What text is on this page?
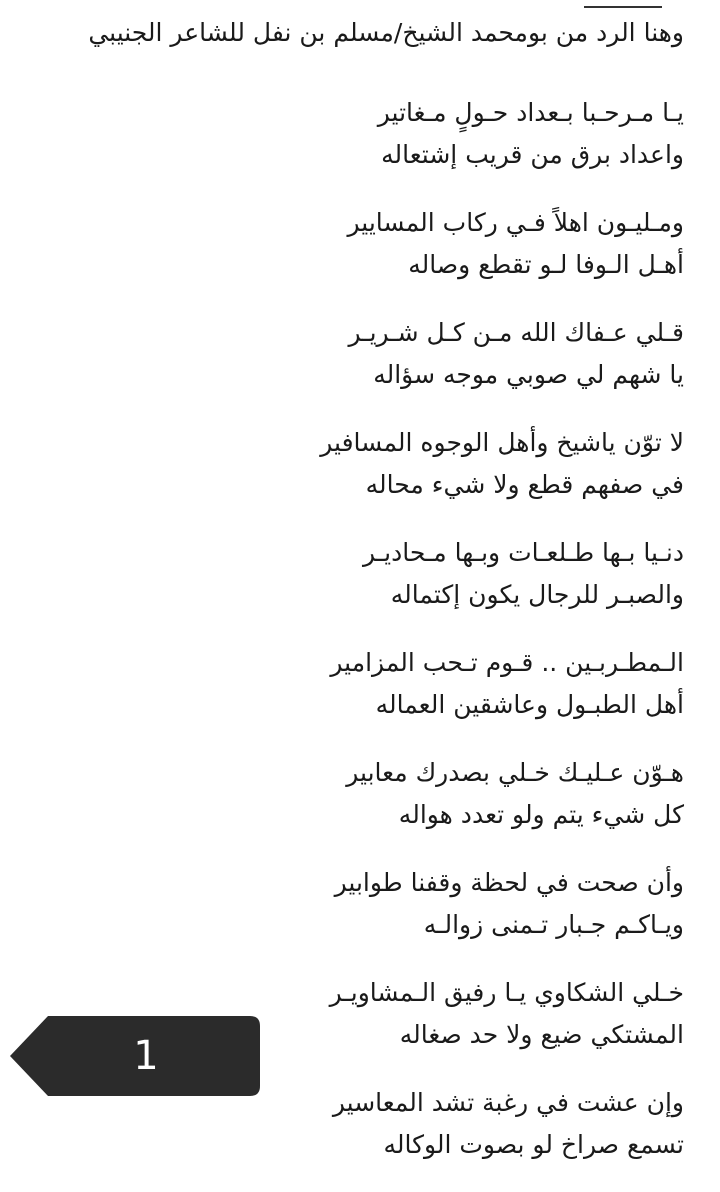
وهنا الرد من بومحمد الشيخ/مسلم بن نفل للشاعر الجنيبي
يـا مـرحـبا بـعداد حـولٍ مـغاتير
واعداد برق من قريب إشتعاله
ومـليـون اهلاً فـي ركاب المسايير
أهـل الـوفا لـو تقطع وصاله
قـلي عـفاك الله مـن كـل شـريـر
يا شهم لي صوبي موجه سؤاله
لا توّن ياشيخ وأهل الوجوه المسافير
في صفهم قطع ولا شيء محاله
دنـيا بـها طـلعـات وبـها مـحاديـر
والصبـر للرجال يكون إكتماله
الـمطـربـين .. قـوم تـحب المزامير
أهل الطبـول وعاشقين العماله
هـوّن عـليـك خـلي بصدرك معابير
كل شيء يتم ولو تعدد هواله
وأن صحت في لحظة وقفنا طوابير
ويـاكـم جـبار تـمنى زوالـه
خـلي الشكاوي يـا رفيق الـمشاويـر
المشتكي ضيع ولا حد صغاله
وإن عشت في رغبة تشد المعاسير
تسمع صراخ لو بصوت الوكاله
1
